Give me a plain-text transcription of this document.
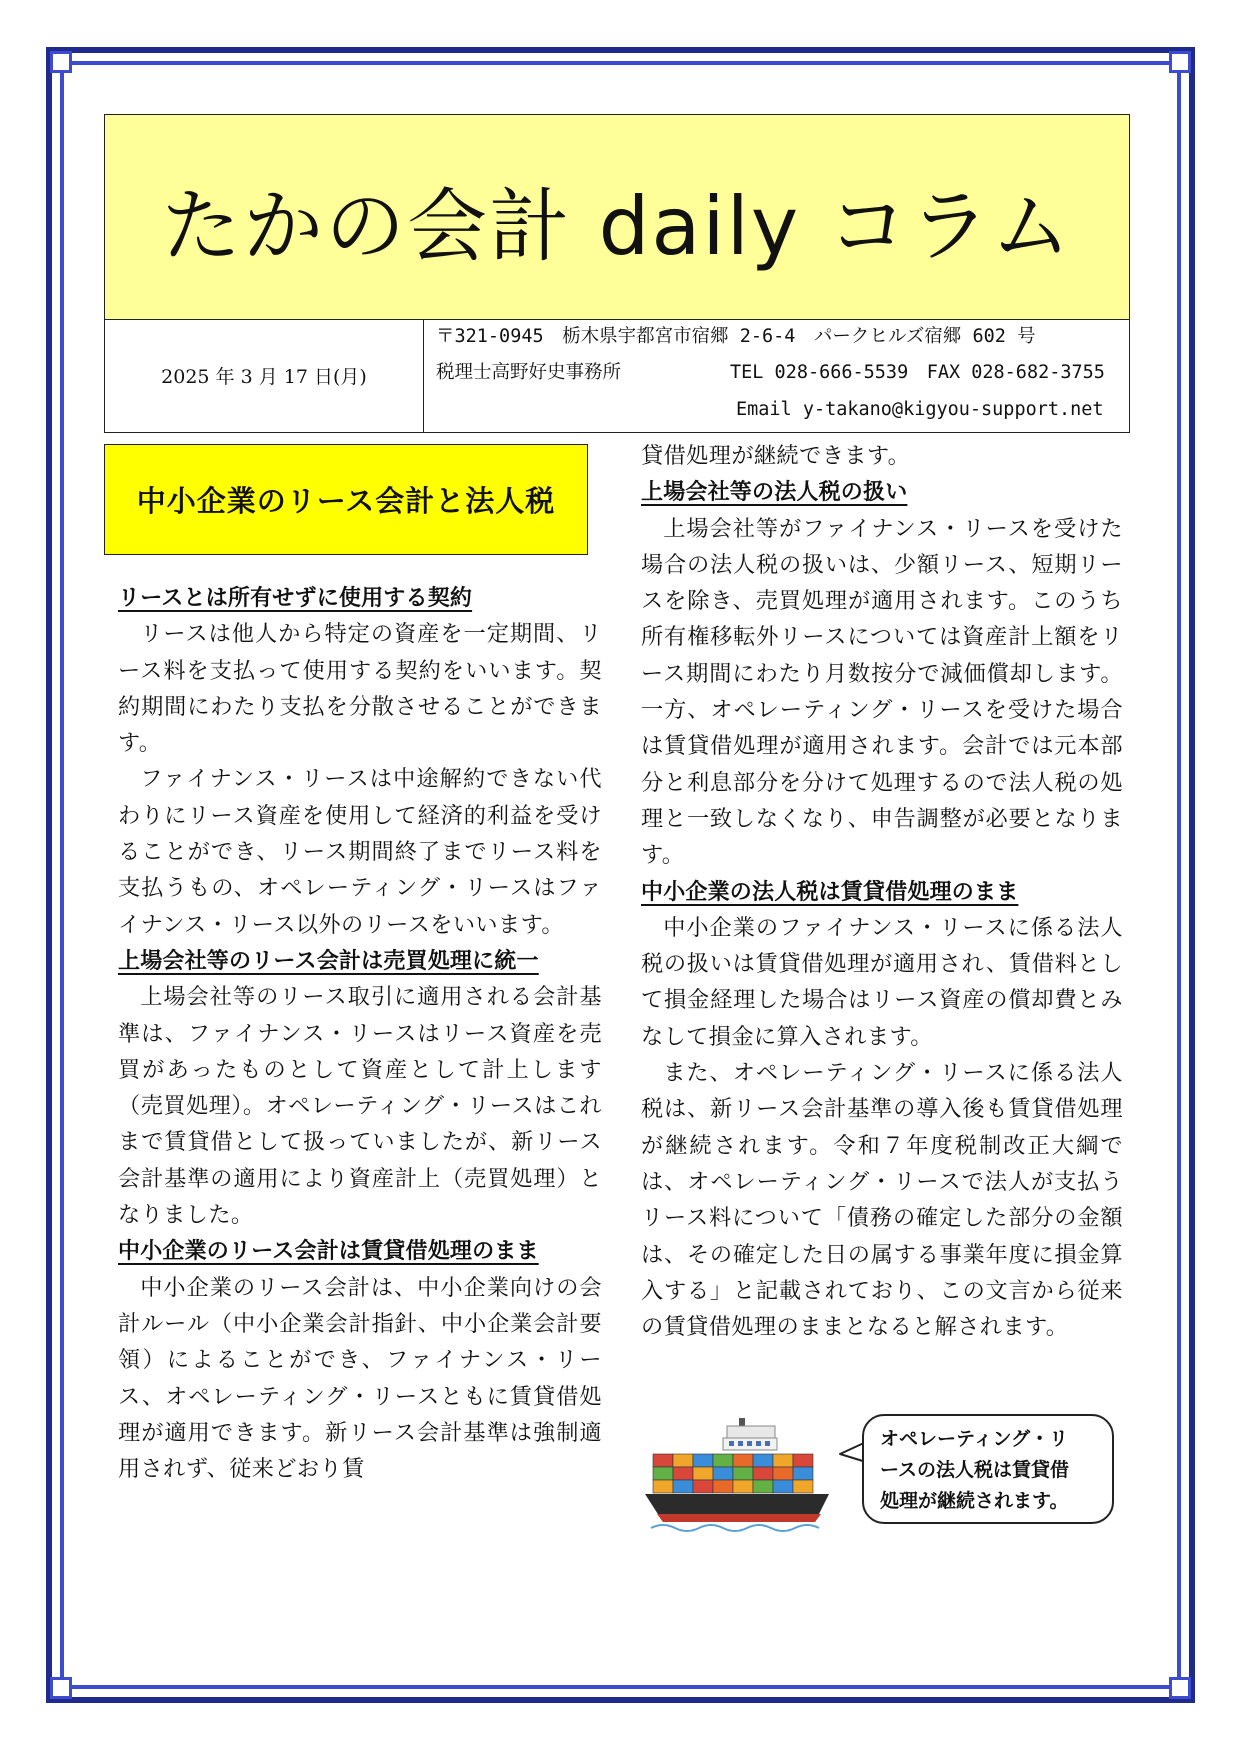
たかの会計 daily コラム
2025 年 3 月 17 日(月)
〒321-0945　栃木県宇都宮市宿郷 2-6-4　パークヒルズ宿郷 602 号
税理士高野好史事務所	TEL 028-666-5539　FAX 028-682-3755
Email y-takano@kigyou-support.net
中小企業のリース会計と法人税
リースとは所有せずに使用する契約

リースは他人から特定の資産を一定期間、リース料を支払って使用する契約をいいます。契約期間にわたり支払を分散させることができます。

ファイナンス・リースは中途解約できない代わりにリース資産を使用して経済的利益を受けることができ、リース期間終了までリース料を支払うもの、オペレーティング・リースはファイナンス・リース以外のリースをいいます。

上場会社等のリース会計は売買処理に統一

上場会社等のリース取引に適用される会計基準は、ファイナンス・リースはリース資産を売買があったものとして資産として計上します（売買処理）。オペレーティング・リースはこれまで賃貸借として扱っていましたが、新リース会計基準の適用により資産計上（売買処理）となりました。

中小企業のリース会計は賃貸借処理のまま

中小企業のリース会計は、中小企業向けの会計ルール（中小企業会計指針、中小企業会計要領）によることができ、ファイナンス・リース、オペレーティング・リースともに賃貸借処理が適用できます。新リース会計基準は強制適用されず、従来どおり賃

貸借処理が継続できます。

上場会社等の法人税の扱い

上場会社等がファイナンス・リースを受けた場合の法人税の扱いは、少額リース、短期リースを除き、売買処理が適用されます。このうち所有権移転外リースについては資産計上額をリース期間にわたり月数按分で減価償却します。一方、オペレーティング・リースを受けた場合は賃貸借処理が適用されます。会計では元本部分と利息部分を分けて処理するので法人税の処理と一致しなくなり、申告調整が必要となります。

中小企業の法人税は賃貸借処理のまま

中小企業のファイナンス・リースに係る法人税の扱いは賃貸借処理が適用され、賃借料として損金経理した場合はリース資産の償却費とみなして損金に算入されます。

また、オペレーティング・リースに係る法人税は、新リース会計基準の導入後も賃貸借処理が継続されます。令和７年度税制改正大綱では、オペレーティング・リースで法人が支払うリース料について「債務の確定した部分の金額は、その確定した日の属する事業年度に損金算入する」と記載されており、この文言から従来の賃貸借処理のままとなると解されます。

オペレーティング・リ
ースの法人税は賃貸借
処理が継続されます。
